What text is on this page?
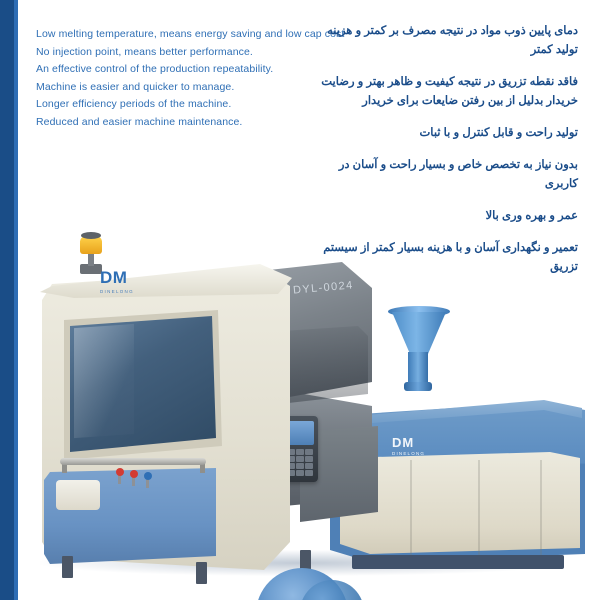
Low melting temperature, means energy saving and low cap cost
No injection point, means better performance.
An effective control of the production repeatability.
Machine is easier and quicker to manage.
Longer efficiency periods of the machine.
Reduced and easier machine maintenance.
دمای پایین ذوب مواد در نتیجه مصرف بر کمتر و هزینه تولید کمتر
فاقد نقطه تزریق در نتیجه کیفیت و ظاهر بهتر و رضایت خریدار بدلیل از بین رفتن ضایعات برای خریدار
تولید راحت و قابل کنترل و با ثبات
بدون نیاز به تخصص خاص و بسیار راحت و آسان در کاربری
عمر و بهره وری بالا
تعمیر و نگهداری آسان و با هزینه بسیار کمتر از سیستم تزریق
DM
DINELONG
DYL-0024
DM
DINELONG
